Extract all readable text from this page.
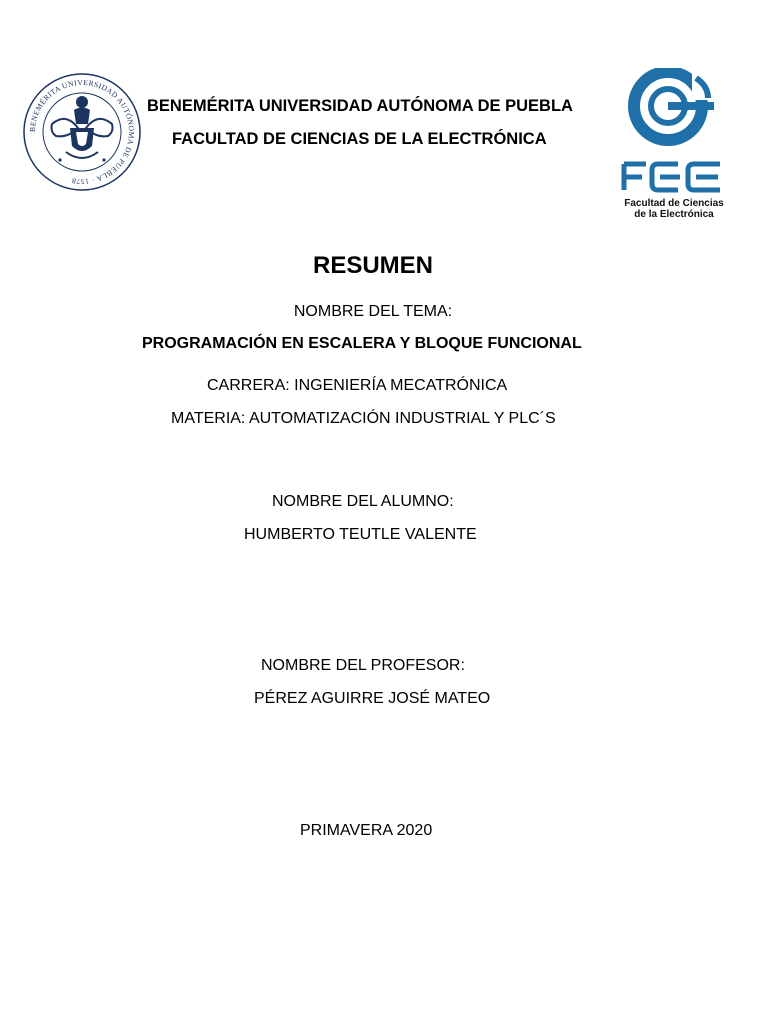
BENEMÉRITA UNIVERSIDAD AUTÓNOMA DE PUEBLA · 1578
BENEMÉRITA UNIVERSIDAD AUTÓNOMA DE PUEBLA
FACULTAD DE CIENCIAS DE LA ELECTRÓNICA
Facultad de Ciencias
de la Electrónica
RESUMEN
NOMBRE DEL TEMA:
PROGRAMACIÓN EN ESCALERA Y BLOQUE FUNCIONAL
CARRERA: INGENIERÍA MECATRÓNICA
MATERIA: AUTOMATIZACIÓN INDUSTRIAL Y PLC´S
NOMBRE DEL ALUMNO:
HUMBERTO TEUTLE VALENTE
NOMBRE DEL PROFESOR:
PÉREZ AGUIRRE JOSÉ MATEO
PRIMAVERA 2020
